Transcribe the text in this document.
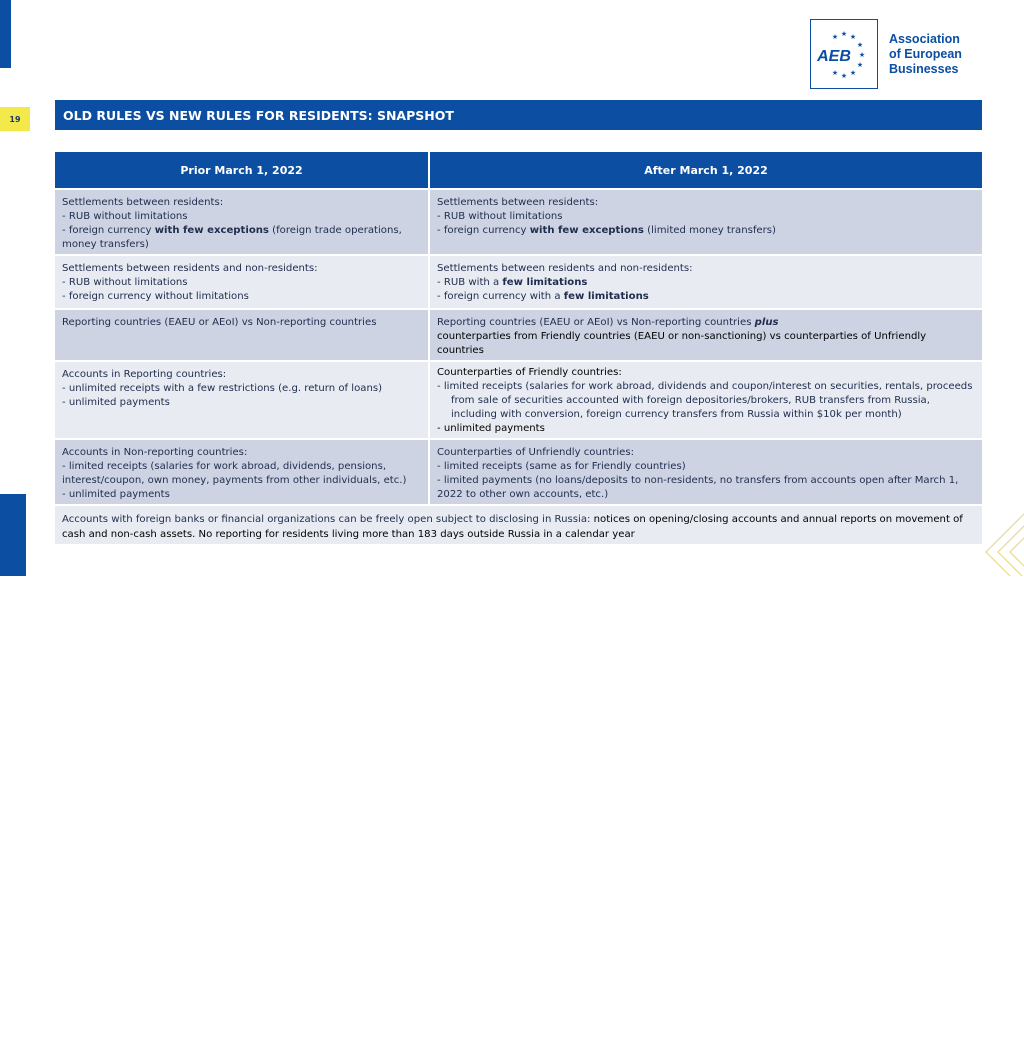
AEBRUS.RU
19
★ ★ ★
★
★
★
★
★
★
AEB
Association
of European
Businesses
OLD RULES VS NEW RULES FOR RESIDENTS: SNAPSHOT
Prior March 1, 2022	After March 1, 2022
Settlements between residents:
- RUB without limitations
- foreign currency with few exceptions (foreign trade operations, money transfers)
Settlements between residents:
- RUB without limitations
- foreign currency with few exceptions (limited money transfers)
Settlements between residents and non-residents:
- RUB without limitations
- foreign currency without limitations
Settlements between residents and non-residents:
- RUB with a few limitations
- foreign currency with a few limitations
Reporting countries (EAEU or AEoI) vs Non-reporting countries	Reporting countries (EAEU or AEoI) vs Non-reporting countries plus
counterparties from Friendly countries (EAEU or non-sanctioning) vs counterparties of Unfriendly countries
Accounts in Reporting countries:
- unlimited receipts with a few restrictions (e.g. return of loans)
- unlimited payments
Counterparties of Friendly countries:
- limited receipts (salaries for work abroad, dividends and coupon/interest on securities, rentals, proceeds from sale of securities accounted with foreign depositories/brokers, RUB transfers from Russia, including with conversion, foreign currency transfers from Russia within $10k per month)
- unlimited payments
Accounts in Non-reporting countries:
- limited receipts (salaries for work abroad, dividends, pensions, interest/coupon, own money, payments from other individuals, etc.)
- unlimited payments
Counterparties of Unfriendly countries:
- limited receipts (same as for Friendly countries)
- limited payments (no loans/deposits to non-residents, no transfers from accounts open after March 1, 2022 to other own accounts, etc.)
Accounts with foreign banks or financial organizations can be freely open subject to disclosing in Russia: notices on opening/closing accounts and annual reports on movement of cash and non-cash assets. No reporting for residents living more than 183 days outside Russia in a calendar year
